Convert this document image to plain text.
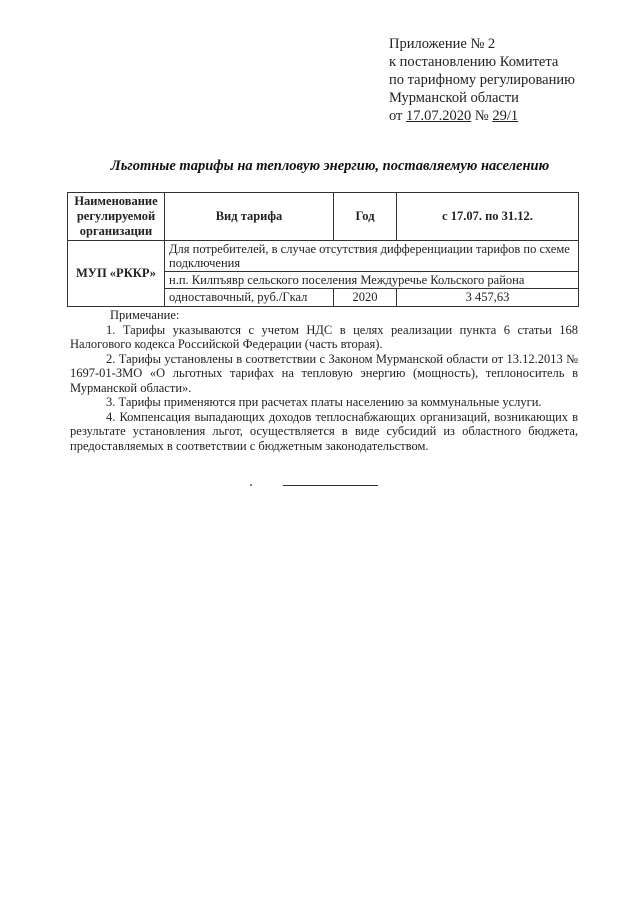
Приложение № 2
к постановлению Комитета
по тарифному регулированию
Мурманской области
от 17.07.2020 № 29/1
Льготные тарифы на тепловую энергию, поставляемую населению
Наименование регулируемой организации	Вид тарифа	Год	с 17.07. по 31.12.
МУП «РККР»	Для потребителей, в случае отсутствия дифференциации тарифов по схеме подключения		
	н.п. Килпъявр сельского поселения Междуречье Кольского района		
	одноставочный, руб./Гкал	2020	3 457,63
Примечание:

1. Тарифы указываются с учетом НДС в целях реализации пункта 6 статьи 168 Налогового кодекса Российской Федерации (часть вторая).

2. Тарифы установлены в соответствии с Законом Мурманской области от 13.12.2013 № 1697-01-ЗМО «О льготных тарифах на тепловую энергию (мощность), теплоноситель в Мурманской области».

3. Тарифы применяются при расчетах платы населению за коммунальные услуги.

4. Компенсация выпадающих доходов теплоснабжающих организаций, возникающих в результате установления льгот, осуществляется в виде субсидий из областного бюджета, предоставляемых в соответствии с бюджетным законодательством.
